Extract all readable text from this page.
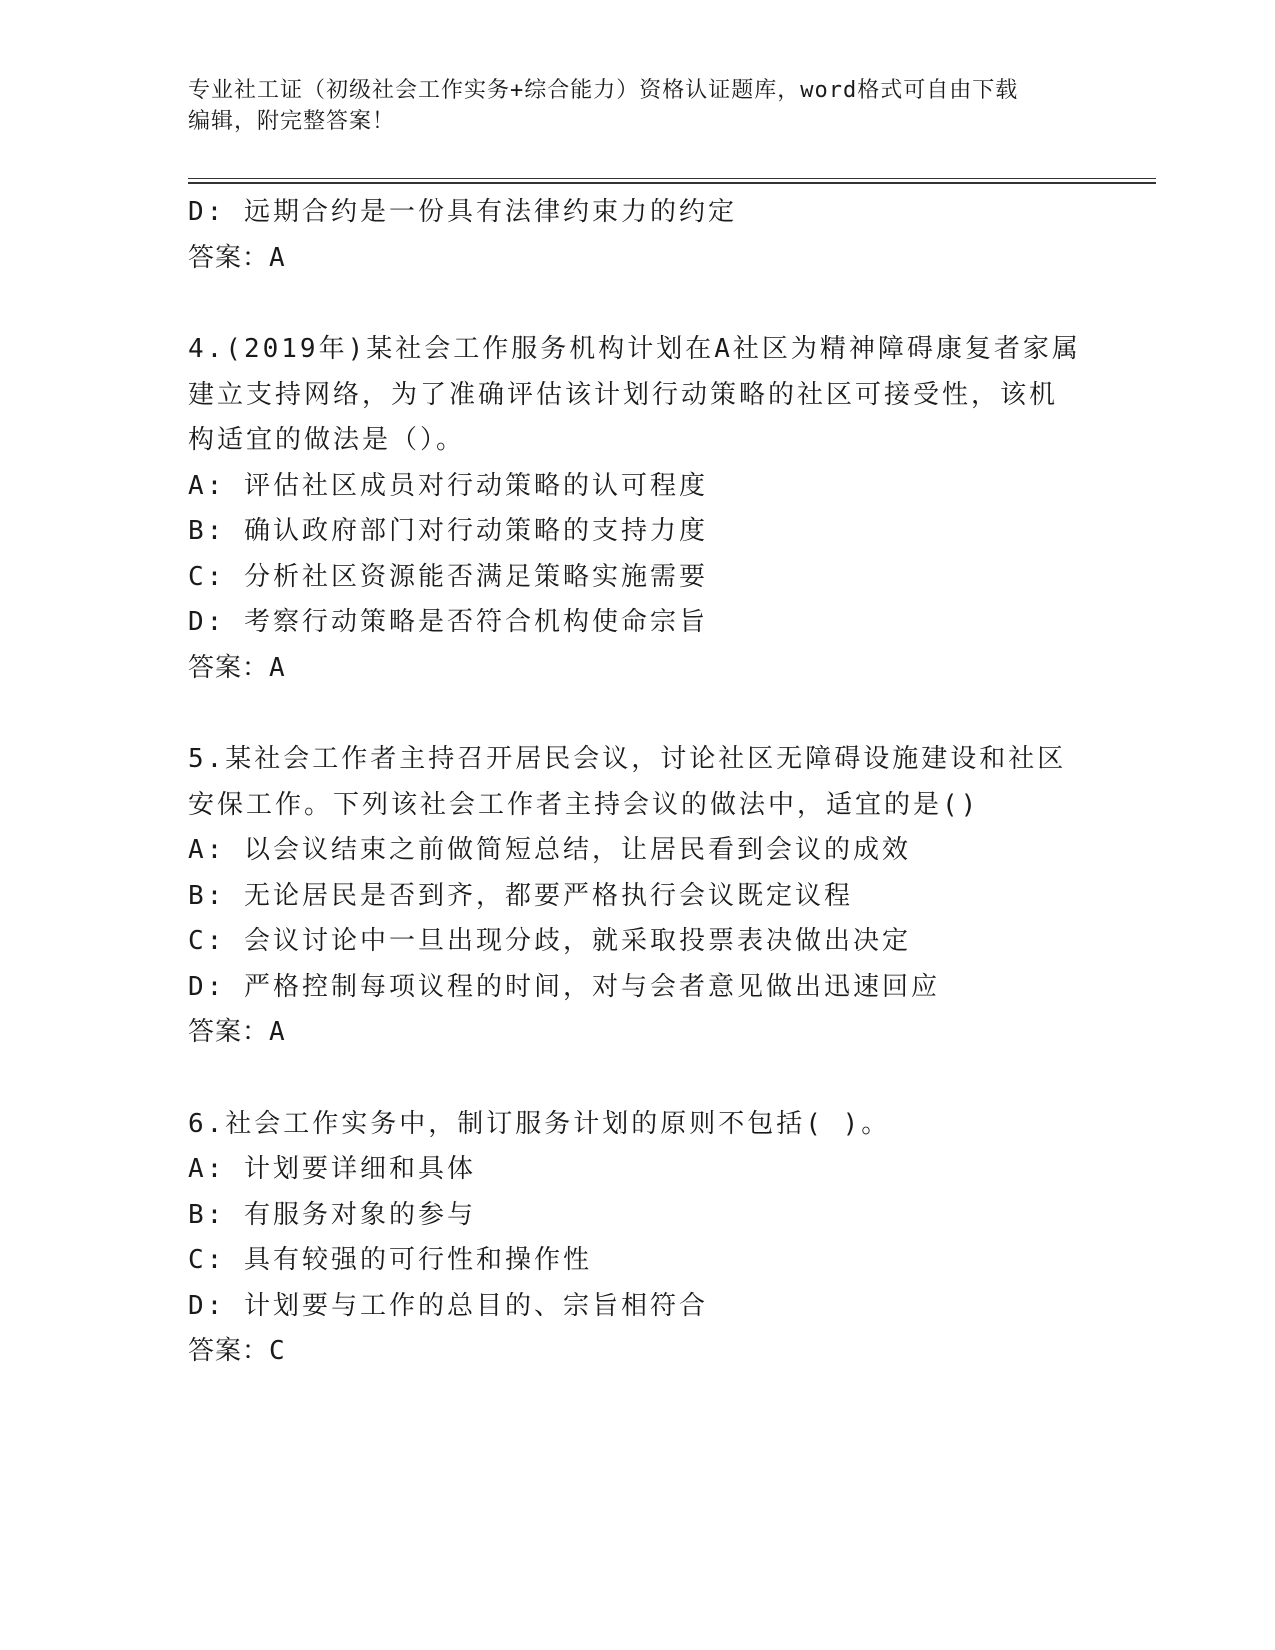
专业社工证（初级社会工作实务+综合能力）资格认证题库，word格式可自由下载
编辑，附完整答案！
D: 远期合约是一份具有法律约束力的约定
答案：A
4.(2019年)某社会工作服务机构计划在A社区为精神障碍康复者家属
建立支持网络，为了准确评估该计划行动策略的社区可接受性，该机
构适宜的做法是（）。
A: 评估社区成员对行动策略的认可程度
B: 确认政府部门对行动策略的支持力度
C: 分析社区资源能否满足策略实施需要
D: 考察行动策略是否符合机构使命宗旨
答案：A
5.某社会工作者主持召开居民会议，讨论社区无障碍设施建设和社区
安保工作。下列该社会工作者主持会议的做法中，适宜的是()
A: 以会议结束之前做简短总结，让居民看到会议的成效
B: 无论居民是否到齐，都要严格执行会议既定议程
C: 会议讨论中一旦出现分歧，就采取投票表决做出决定
D: 严格控制每项议程的时间，对与会者意见做出迅速回应
答案：A
6.社会工作实务中，制订服务计划的原则不包括( )。
A: 计划要详细和具体
B: 有服务对象的参与
C: 具有较强的可行性和操作性
D: 计划要与工作的总目的、宗旨相符合
答案：C
